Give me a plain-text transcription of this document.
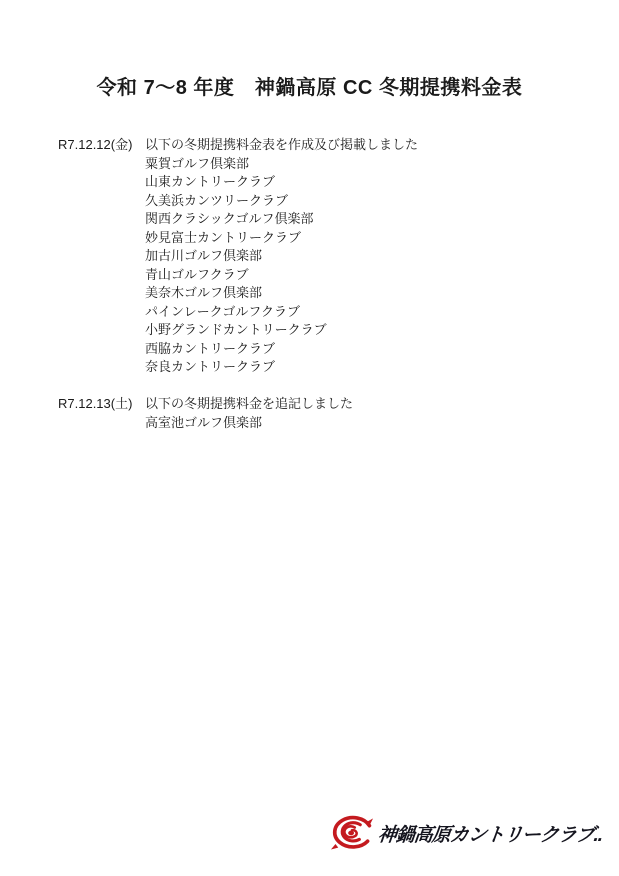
令和 7～8 年度　神鍋高原 CC 冬期提携料金表
R7.12.12(金) 以下の冬期提携料金表を作成及び掲載しました
粟賀ゴルフ倶楽部
山東カントリークラブ
久美浜カンツリークラブ
関西クラシックゴルフ倶楽部
妙見富士カントリークラブ
加古川ゴルフ倶楽部
青山ゴルフクラブ
美奈木ゴルフ倶楽部
パインレークゴルフクラブ
小野グランドカントリークラブ
西脇カントリークラブ
奈良カントリークラブ
R7.12.13(土) 以下の冬期提携料金を追記しました
高室池ゴルフ倶楽部
神鍋高原カントリークラブ..
